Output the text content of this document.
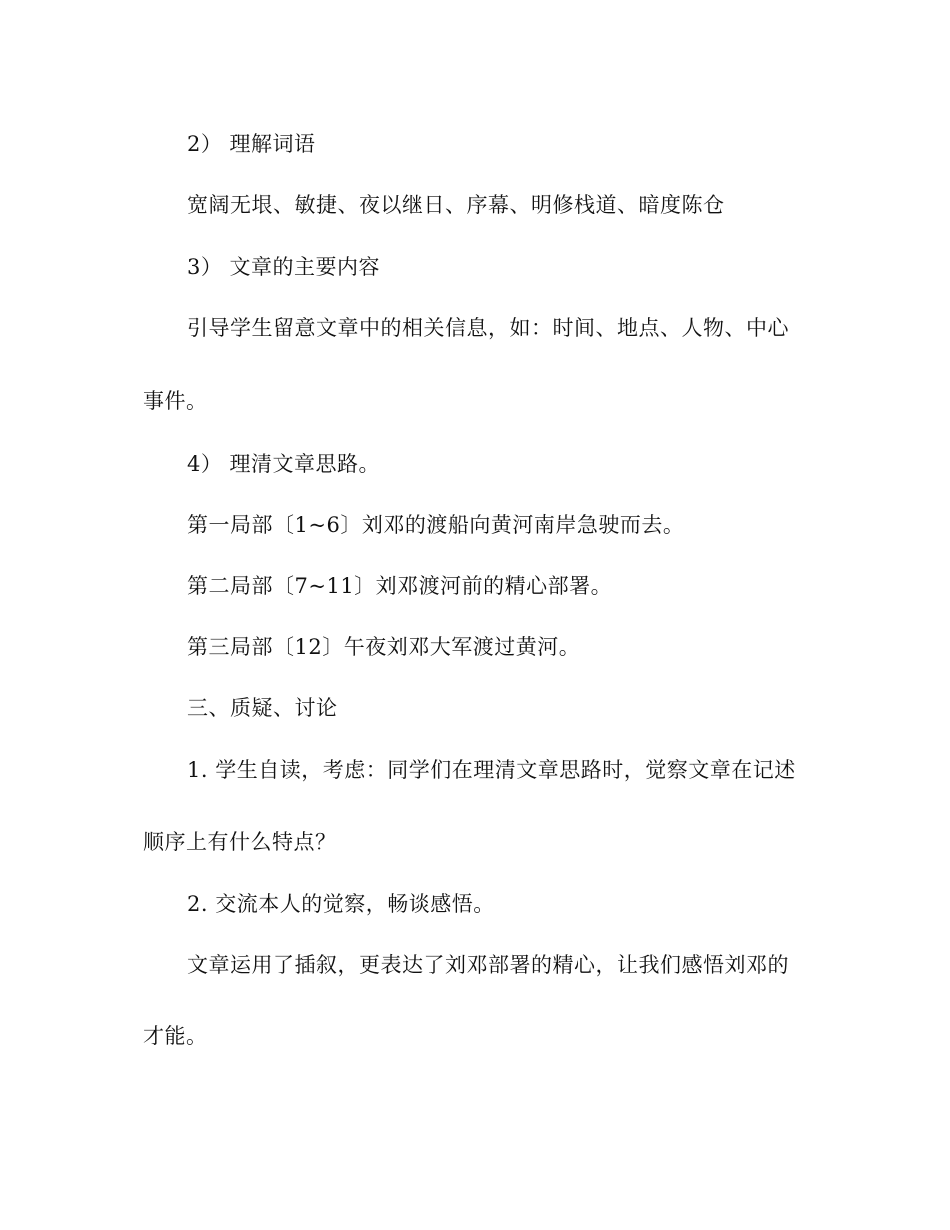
2） 理解词语
宽阔无垠、敏捷、夜以继日、序幕、明修栈道、暗度陈仓
3） 文章的主要内容
引导学生留意文章中的相关信息，如：时间、地点、人物、中心
事件。
4） 理清文章思路。
第一局部〔1~6〕刘邓的渡船向黄河南岸急驶而去。
第二局部〔7~11〕刘邓渡河前的精心部署。
第三局部〔12〕午夜刘邓大军渡过黄河。
三、质疑、讨论
1. 学生自读，考虑：同学们在理清文章思路时，觉察文章在记述
顺序上有什么特点？
2. 交流本人的觉察，畅谈感悟。
文章运用了插叙，更表达了刘邓部署的精心，让我们感悟刘邓的
才能。
